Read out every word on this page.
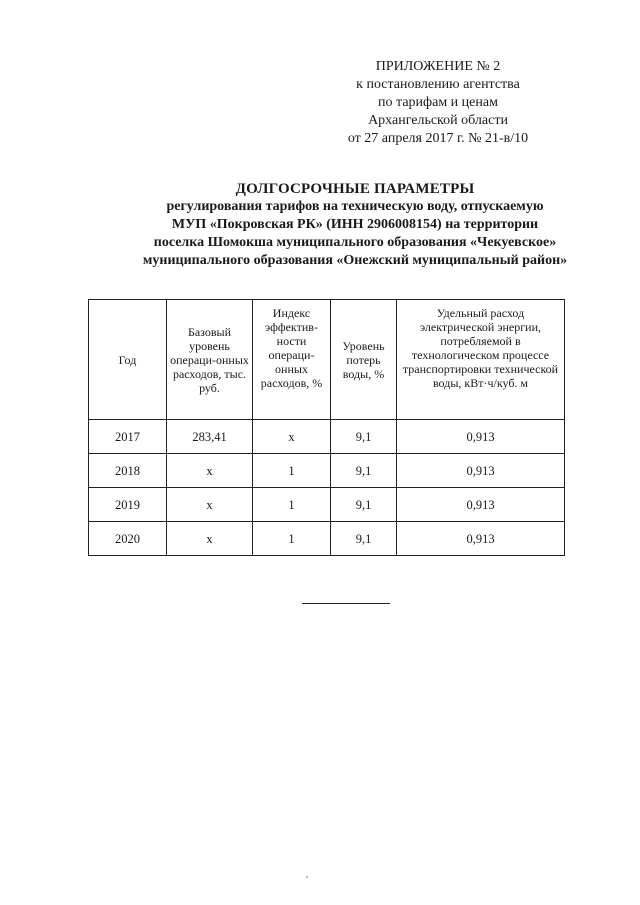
ПРИЛОЖЕНИЕ № 2
к постановлению агентства
по тарифам и ценам
Архангельской области
от 27 апреля 2017 г. № 21-в/10
ДОЛГОСРОЧНЫЕ ПАРАМЕТРЫ
регулирования тарифов на техническую воду, отпускаемую
МУП «Покровская РК» (ИНН 2906008154) на территории
поселка Шомокша муниципального образования «Чекуевское»
муниципального образования «Онежский муниципальный район»
Год	Базовый уровень операци-онных расходов, тыс. руб.	Индекс эффектив-ности операци-онных расходов, %	Уровень потерь воды, %	Удельный расход электрической энергии, потребляемой в технологическом процессе транспортировки технической воды, кВт·ч/куб. м
2017	283,41	х	9,1	0,913
2018	х	1	9,1	0,913
2019	х	1	9,1	0,913
2020	х	1	9,1	0,913
